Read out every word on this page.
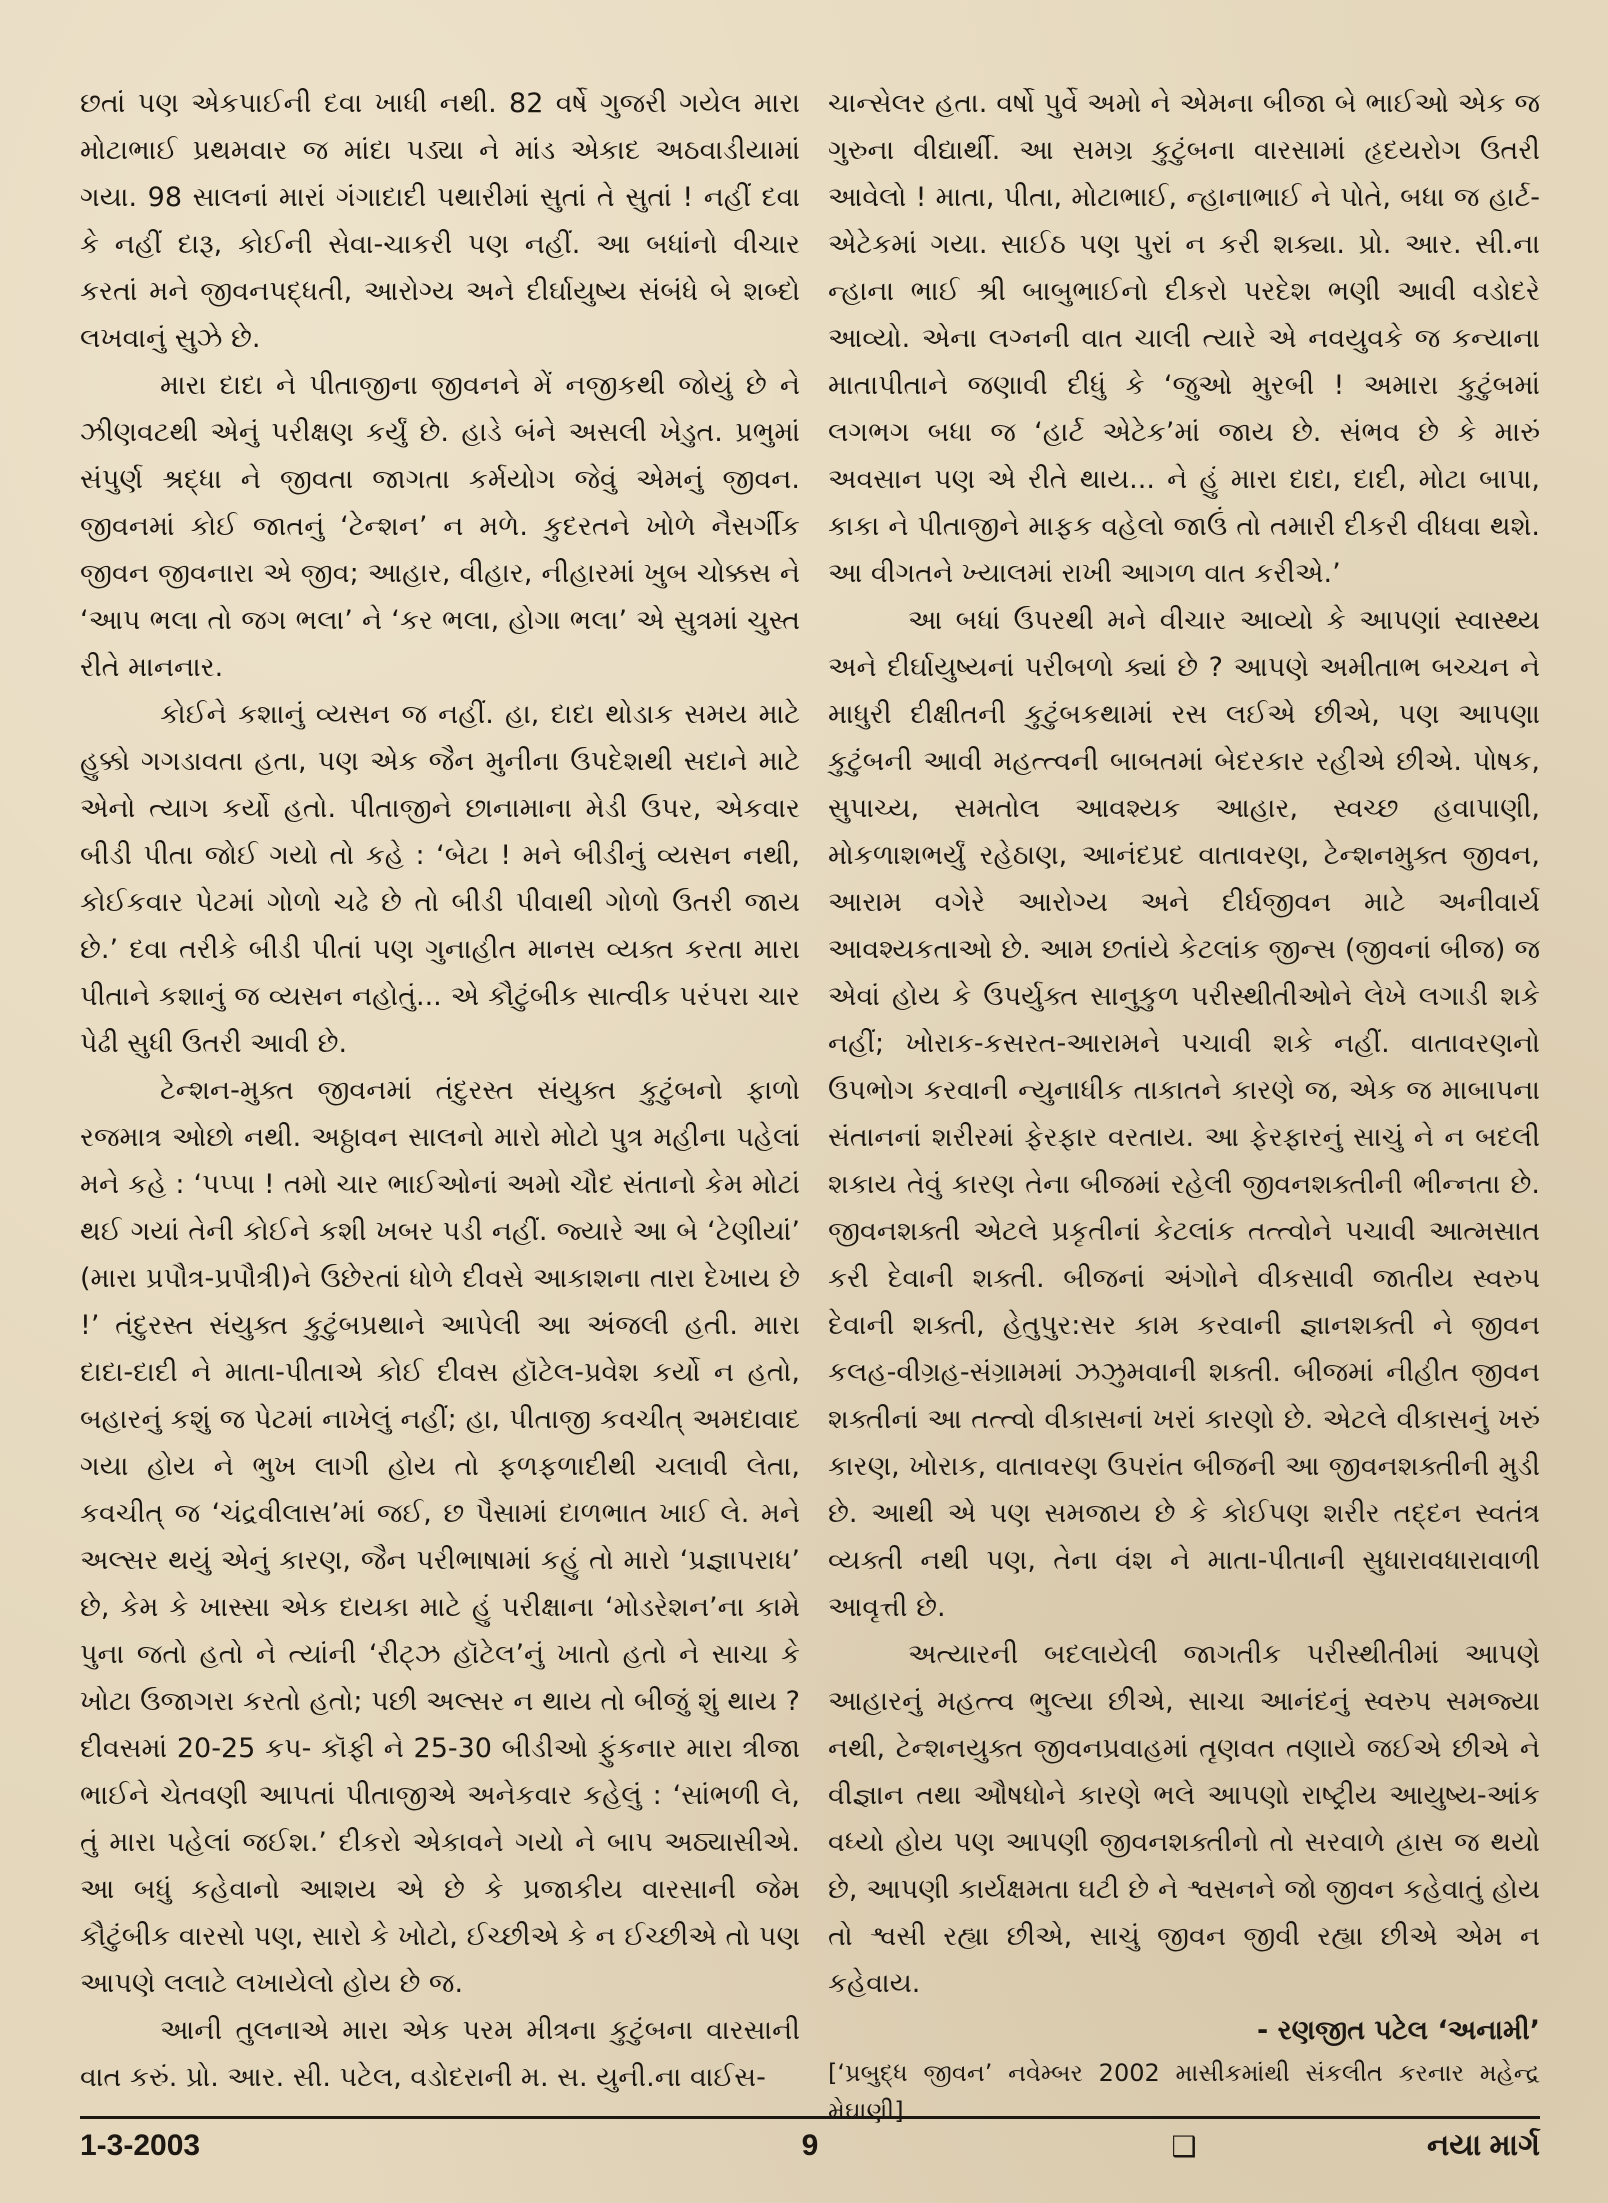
છતાં પણ એકપાઈની દવા ખાધી નથી. 82 વર્ષે ગુજરી ગયેલ મારા મોટાભાઈ પ્રથમવાર જ માંદા પડ્યા ને માંડ એકાદ અઠવાડીયામાં ગયા. 98 સાલનાં મારાં ગંગાદાદી પથારીમાં સુતાં તે સુતાં ! નહીં દવા કે નહીં દારૂ, કોઈની સેવા-ચાકરી પણ નહીં. આ બધાંનો વીચાર કરતાં મને જીવનપદ્ધતી, આરોગ્ય અને દીર્ઘાયુષ્ય સંબંધે બે શબ્દો લખવાનું સુઝે છે.

મારા દાદા ને પીતાજીના જીવનને મેં નજીકથી જોયું છે ને ઝીણવટથી એનું પરીક્ષણ કર્યું છે. હાડે બંને અસલી ખેડુત. પ્રભુમાં સંપુર્ણ શ્રદ્ધા ને જીવતા જાગતા કર્મયોગ જેવું એમનું જીવન. જીવનમાં કોઈ જાતનું ‘ટેન્શન’ ન મળે. કુદરતને ખોળે નૈસર્ગીક જીવન જીવનારા એ જીવ; આહાર, વીહાર, નીહારમાં ખુબ ચોક્કસ ને ‘આપ ભલા તો જગ ભલા’ ને ‘કર ભલા, હોગા ભલા’ એ સુત્રમાં ચુસ્ત રીતે માનનાર.

કોઈને કશાનું વ્યસન જ નહીં. હા, દાદા થોડાક સમય માટે હુક્કો ગગડાવતા હતા, પણ એક જૈન મુનીના ઉપદેશથી સદાને માટે એનો ત્યાગ કર્યો હતો. પીતાજીને છાનામાના મેડી ઉપર, એકવાર બીડી પીતા જોઈ ગયો તો કહે : ‘બેટા ! મને બીડીનું વ્યસન નથી, કોઈકવાર પેટમાં ગોળો ચઢે છે તો બીડી પીવાથી ગોળો ઉતરી જાય છે.’ દવા તરીકે બીડી પીતાં પણ ગુનાહીત માનસ વ્યક્ત કરતા મારા પીતાને કશાનું જ વ્યસન નહોતું... એ કૌટુંબીક સાત્વીક પરંપરા ચાર પેઢી સુધી ઉતરી આવી છે.

ટેન્શન-મુક્ત જીવનમાં તંદુરસ્ત સંયુક્ત કુટુંબનો ફાળો રજમાત્ર ઓછો નથી. અઠ્ઠાવન સાલનો મારો મોટો પુત્ર મહીના પહેલાં મને કહે : ‘પપ્પા ! તમો ચાર ભાઈઓનાં અમો ચૌદ સંતાનો કેમ મોટાં થઈ ગયાં તેની કોઈને કશી ખબર પડી નહીં. જ્યારે આ બે ‘ટેણીયાં’ (મારા પ્રપૌત્ર-પ્રપૌત્રી)ને ઉછેરતાં ધોળે દીવસે આકાશના તારા દેખાય છે !’ તંદુરસ્ત સંયુક્ત કુટુંબપ્રથાને આપેલી આ અંજલી હતી. મારા દાદા-દાદી ને માતા-પીતાએ કોઈ દીવસ હૉટેલ-પ્રવેશ કર્યો ન હતો, બહારનું કશું જ પેટમાં નાખેલું નહીં; હા, પીતાજી કવચીત્ અમદાવાદ ગયા હોય ને ભુખ લાગી હોય તો ફળફળાદીથી ચલાવી લેતા, કવચીત્ જ ‘ચંદ્રવીલાસ’માં જઈ, છ પૈસામાં દાળભાત ખાઈ લે. મને અલ્સર થયું એનું કારણ, જૈન પરીભાષામાં કહું તો મારો ‘પ્રજ્ઞાપરાધ’ છે, કેમ કે ખાસ્સા એક દાયકા માટે હું પરીક્ષાના ‘મોડરેશન’ના કામે પુના જતો હતો ને ત્યાંની ‘રીટ્ઝ હૉટેલ’નું ખાતો હતો ને સાચા કે ખોટા ઉજાગરા કરતો હતો; પછી અલ્સર ન થાય તો બીજું શું થાય ? દીવસમાં 20-25 કપ- કૉફી ને 25-30 બીડીઓ ફુંકનાર મારા ત્રીજા ભાઈને ચેતવણી આપતાં પીતાજીએ અનેકવાર કહેલું : ‘સાંભળી લે, તું મારા પહેલાં જઈશ.’ દીકરો એકાવને ગયો ને બાપ અઠ્યાસીએ. આ બધું કહેવાનો આશય એ છે કે પ્રજાકીય વારસાની જેમ કૌટુંબીક વારસો પણ, સારો કે ખોટો, ઈચ્છીએ કે ન ઈચ્છીએ તો પણ આપણે લલાટે લખાયેલો હોય છે જ.

આની તુલનાએ મારા એક પરમ મીત્રના કુટુંબના વારસાની વાત કરું. પ્રો. આર. સી. પટેલ, વડોદરાની મ. સ. યુની.ના વાઈસ-

ચાન્સેલર હતા. વર્ષો પુર્વે અમો ને એમના બીજા બે ભાઈઓ એક જ ગુરુના વીદ્યાર્થી. આ સમગ્ર કુટુંબના વારસામાં હૃદયરોગ ઉતરી આવેલો ! માતા, પીતા, મોટાભાઈ, ન્હાનાભાઈ ને પોતે, બધા જ હાર્ટ-એટેકમાં ગયા. સાઈઠ પણ પુરાં ન કરી શક્યા. પ્રો. આર. સી.ના ન્હાના ભાઈ શ્રી બાબુભાઈનો દીકરો પરદેશ ભણી આવી વડોદરે આવ્યો. એના લગ્નની વાત ચાલી ત્યારે એ નવયુવકે જ કન્યાના માતાપીતાને જણાવી દીધું કે ‘જુઓ મુરબી ! અમારા કુટુંબમાં લગભગ બધા જ ‘હાર્ટ એટેક’માં જાય છે. સંભવ છે કે મારું અવસાન પણ એ રીતે થાય... ને હું મારા દાદા, દાદી, મોટા બાપા, કાકા ને પીતાજીને માફક વહેલો જાઉં તો તમારી દીકરી વીધવા થશે. આ વીગતને ખ્યાલમાં રાખી આગળ વાત કરીએ.’

આ બધાં ઉપરથી મને વીચાર આવ્યો કે આપણાં સ્વાસ્થ્ય અને દીર્ઘાયુષ્યનાં પરીબળો ક્યાં છે ? આપણે અમીતાભ બચ્ચન ને માધુરી દીક્ષીતની કુટુંબકથામાં રસ લઈએ છીએ, પણ આપણા કુટુંબની આવી મહત્ત્વની બાબતમાં બેદરકાર રહીએ છીએ. પોષક, સુપાચ્ય, સમતોલ આવશ્યક આહાર, સ્વચ્છ હવાપાણી, મોકળાશભર્યું રહેઠાણ, આનંદપ્રદ વાતાવરણ, ટેન્શનમુક્ત જીવન, આરામ વગેરે આરોગ્ય અને દીર્ઘજીવન માટે અનીવાર્ય આવશ્યકતાઓ છે. આમ છતાંયે કેટલાંક જીન્સ (જીવનાં બીજ) જ એવાં હોય કે ઉપર્યુક્ત સાનુકુળ પરીસ્થીતીઓને લેખે લગાડી શકે નહીં; ખોરાક-કસરત-આરામને પચાવી શકે નહીં. વાતાવરણનો ઉપભોગ કરવાની ન્યુનાધીક તાકાતને કારણે જ, એક જ માબાપના સંતાનનાં શરીરમાં ફેરફાર વરતાય. આ ફેરફારનું સાચું ને ન બદલી શકાય તેવું કારણ તેના બીજમાં રહેલી જીવનશક્તીની ભીન્નતા છે. જીવનશક્તી એટલે પ્રકૃતીનાં કેટલાંક તત્ત્વોને પચાવી આત્મસાત કરી દેવાની શક્તી. બીજનાં અંગોને વીકસાવી જાતીય સ્વરુપ દેવાની શક્તી, હેતુપુર:સર કામ કરવાની જ્ઞાનશક્તી ને જીવન કલહ-વીગ્રહ-સંગ્રામમાં ઝઝુમવાની શક્તી. બીજમાં નીહીત જીવન શક્તીનાં આ તત્ત્વો વીકાસનાં ખરાં કારણો છે. એટલે વીકાસનું ખરું કારણ, ખોરાક, વાતાવરણ ઉપરાંત બીજની આ જીવનશક્તીની મુડી છે. આથી એ પણ સમજાય છે કે કોઈપણ શરીર તદ્દન સ્વતંત્ર વ્યક્તી નથી પણ, તેના વંશ ને માતા-પીતાની સુધારાવધારાવાળી આવૃત્તી છે.

અત્યારની બદલાયેલી જાગતીક પરીસ્થીતીમાં આપણે આહારનું મહત્ત્વ ભુલ્યા છીએ, સાચા આનંદનું સ્વરુપ સમજ્યા નથી, ટેન્શનયુક્ત જીવનપ્રવાહમાં તૃણવત તણાયે જઈએ છીએ ને વીજ્ઞાન તથા ઔષધોને કારણે ભલે આપણો રાષ્ટ્રીય આયુષ્ય-આંક વધ્યો હોય પણ આપણી જીવનશક્તીનો તો સરવાળે હ્રાસ જ થયો છે, આપણી કાર્યક્ષમતા ઘટી છે ને શ્વસનને જો જીવન કહેવાતું હોય તો શ્વસી રહ્યા છીએ, સાચું જીવન જીવી રહ્યા છીએ એમ ન કહેવાય.

- રણજીત પટેલ ‘અનામી’

[‘પ્રબુદ્ધ જીવન’ નવેમ્બર 2002 માસીકમાંથી સંકલીત કરનાર મહેન્દ્ર મેઘાણી]

❑

1-3-2003	9	નયા માર્ગ
